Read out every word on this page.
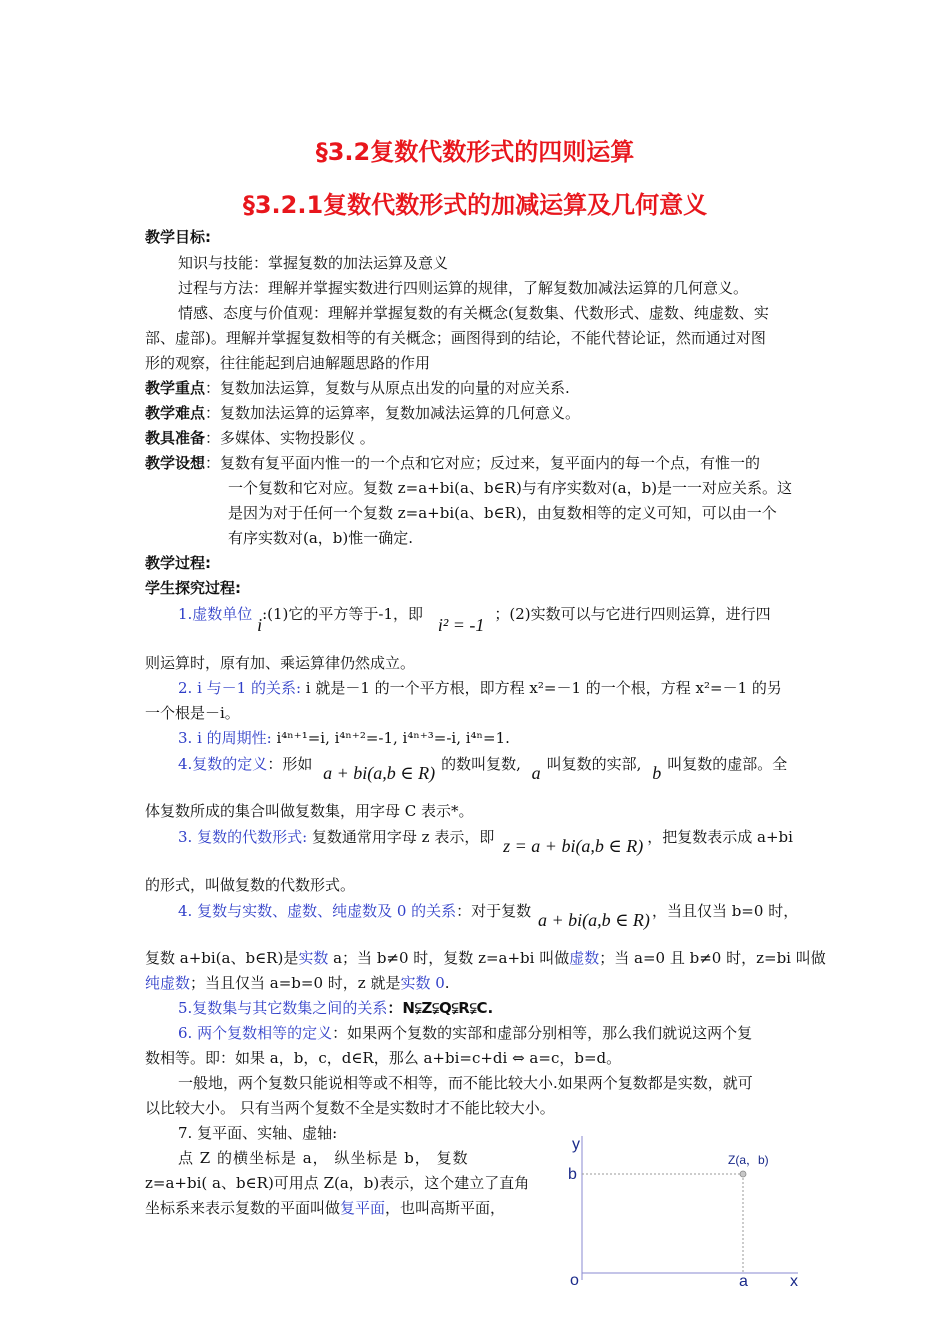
§3.2复数代数形式的四则运算
§3.2.1复数代数形式的加减运算及几何意义
教学目标:
知识与技能：掌握复数的加法运算及意义
过程与方法：理解并掌握实数进行四则运算的规律，了解复数加减法运算的几何意义。
情感、态度与价值观：理解并掌握复数的有关概念(复数集、代数形式、虚数、纯虚数、实
部、虚部)。理解并掌握复数相等的有关概念；画图得到的结论，不能代替论证，然而通过对图
形的观察，往往能起到启迪解题思路的作用
教学重点：复数加法运算，复数与从原点出发的向量的对应关系.
教学难点：复数加法运算的运算率，复数加减法运算的几何意义。
教具准备：多媒体、实物投影仪 。
教学设想：复数有复平面内惟一的一个点和它对应；反过来，复平面内的每一个点，有惟一的
一个复数和它对应。复数 z=a+bi(a、b∈R)与有序实数对(a，b)是一一对应关系。这
是因为对于任何一个复数 z=a+bi(a、b∈R)，由复数相等的定义可知，可以由一个
有序实数对(a，b)惟一确定.
教学过程:
学生探究过程:
1.虚数单位 i:(1)它的平方等于-1，即 i² = -1；(2)实数可以与它进行四则运算，进行四
则运算时，原有加、乘运算律仍然成立。
2. i 与－1 的关系: i 就是－1 的一个平方根，即方程 x²=－1 的一个根，方程 x²=－1 的另
一个根是－i。
3. i 的周期性: i⁴ⁿ⁺¹=i, i⁴ⁿ⁺²=-1, i⁴ⁿ⁺³=-i, i⁴ⁿ=1.
4.复数的定义：形如 a + bi(a,b ∈ R) 的数叫复数, a 叫复数的实部, b 叫复数的虚部。全
体复数所成的集合叫做复数集，用字母 C 表示*。
3. 复数的代数形式: 复数通常用字母 z 表示，即 z = a + bi(a,b ∈ R) ，把复数表示成 a+bi
的形式，叫做复数的代数形式。
4. 复数与实数、虚数、纯虚数及 0 的关系：对于复数 a + bi(a,b ∈ R) ，当且仅当 b=0 时，
复数 a+bi(a、b∈R)是实数 a；当 b≠0 时，复数 z=a+bi 叫做虚数；当 a=0 且 b≠0 时，z=bi 叫做
纯虚数；当且仅当 a=b=0 时，z 就是实数 0.
5.复数集与其它数集之间的关系：N⫋Z⫋Q⫋R⫋C.
6. 两个复数相等的定义：如果两个复数的实部和虚部分别相等，那么我们就说这两个复
数相等。即：如果 a，b，c，d∈R，那么 a+bi=c+di ⇔ a=c，b=d。
一般地，两个复数只能说相等或不相等，而不能比较大小.如果两个复数都是实数，就可
以比较大小。 只有当两个复数不全是实数时才不能比较大小。
7. 复平面、实轴、虚轴:
点 Z 的横坐标是 a， 纵坐标是 b， 复数
z=a+bi( a、b∈R)可用点 Z(a，b)表示，这个建立了直角
坐标系来表示复数的平面叫做复平面，也叫高斯平面，
y
b
o	a	x
Z(a，b)
